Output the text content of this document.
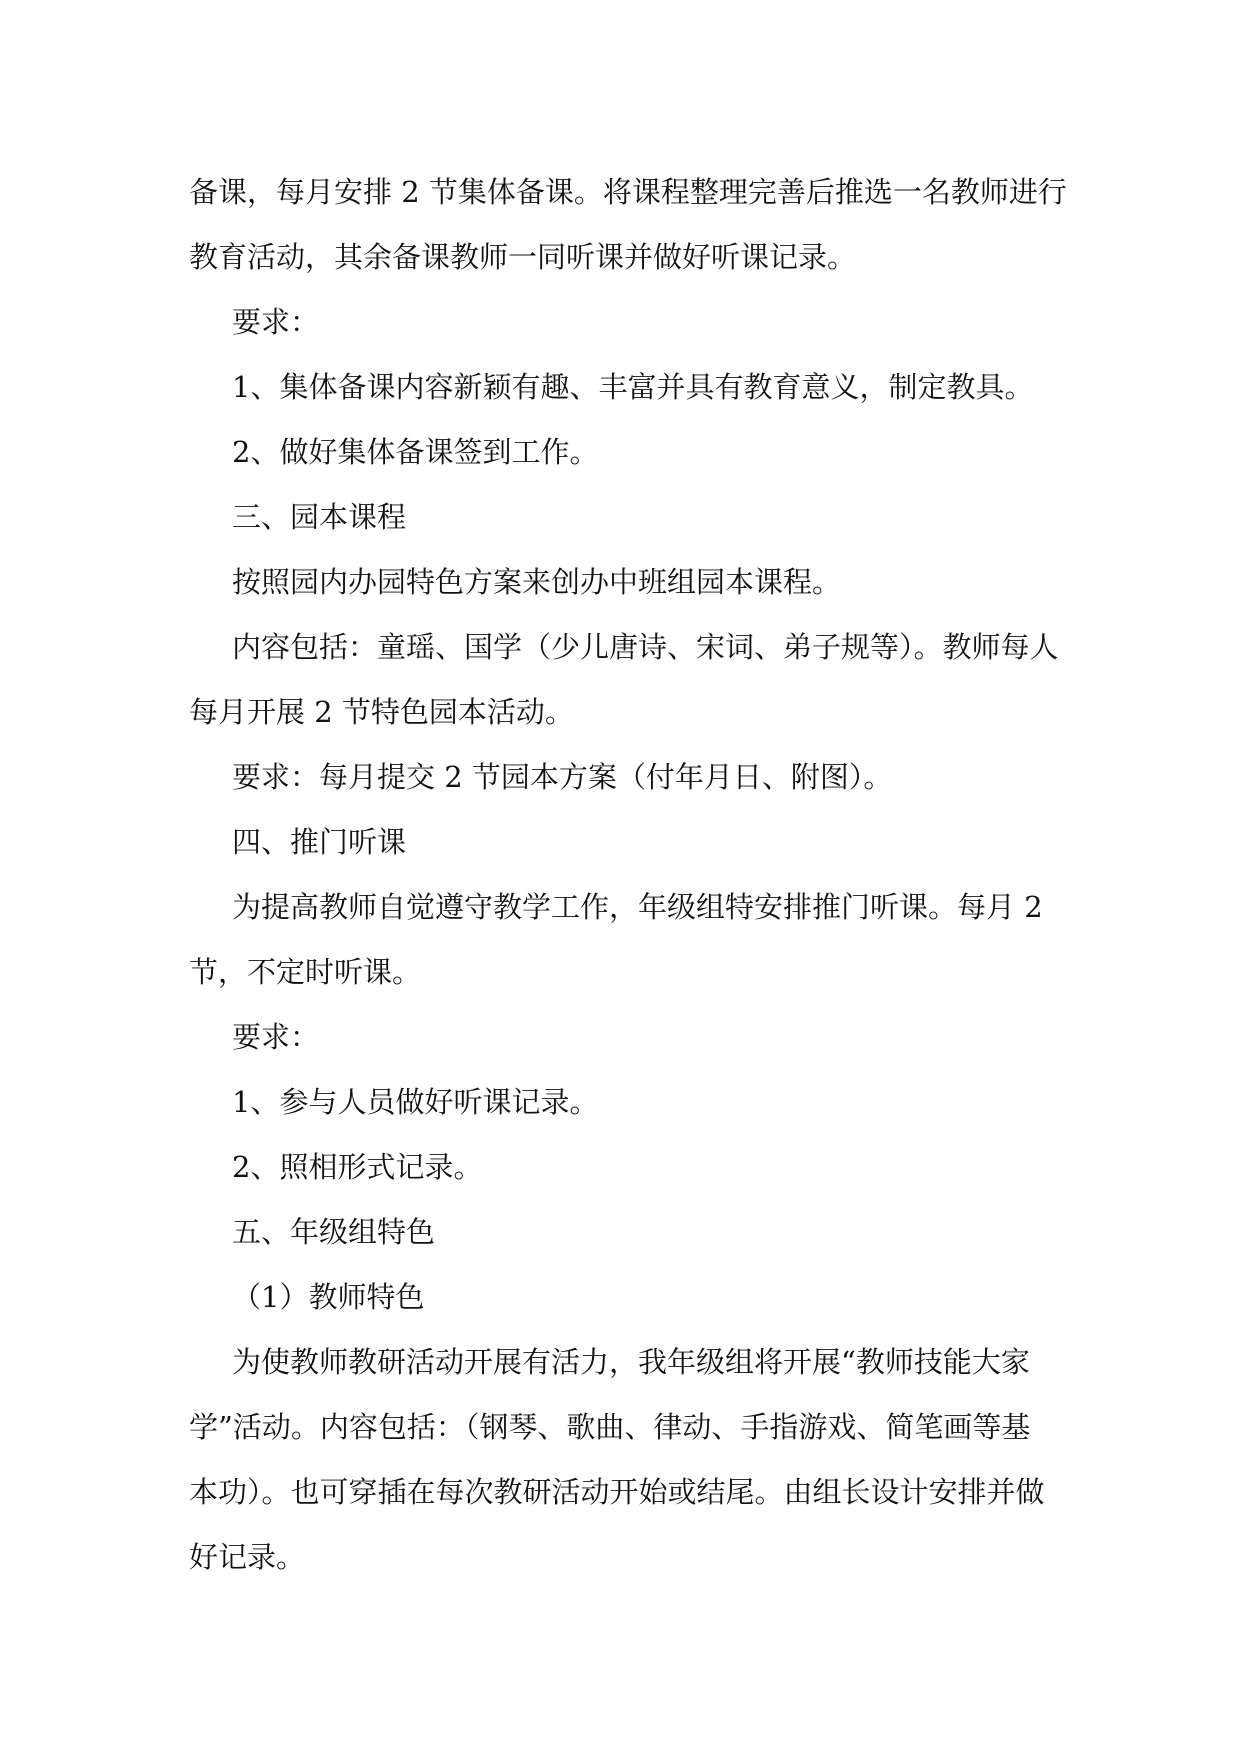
备课，每月安排 2 节集体备课。将课程整理完善后推选一名教师进行

教育活动，其余备课教师一同听课并做好听课记录。

要求：

1、集体备课内容新颖有趣、丰富并具有教育意义，制定教具。

2、做好集体备课签到工作。

三、园本课程

按照园内办园特色方案来创办中班组园本课程。

内容包括：童瑶、国学（少儿唐诗、宋词、弟子规等）。教师每人

每月开展 2 节特色园本活动。

要求：每月提交 2 节园本方案（付年月日、附图）。

四、推门听课

为提高教师自觉遵守教学工作，年级组特安排推门听课。每月 2

节，不定时听课。

要求：

1、参与人员做好听课记录。

2、照相形式记录。

五、年级组特色

（1）教师特色

为使教师教研活动开展有活力，我年级组将开展“教师技能大家

学”活动。内容包括：（钢琴、歌曲、律动、手指游戏、简笔画等基

本功）。也可穿插在每次教研活动开始或结尾。由组长设计安排并做

好记录。
